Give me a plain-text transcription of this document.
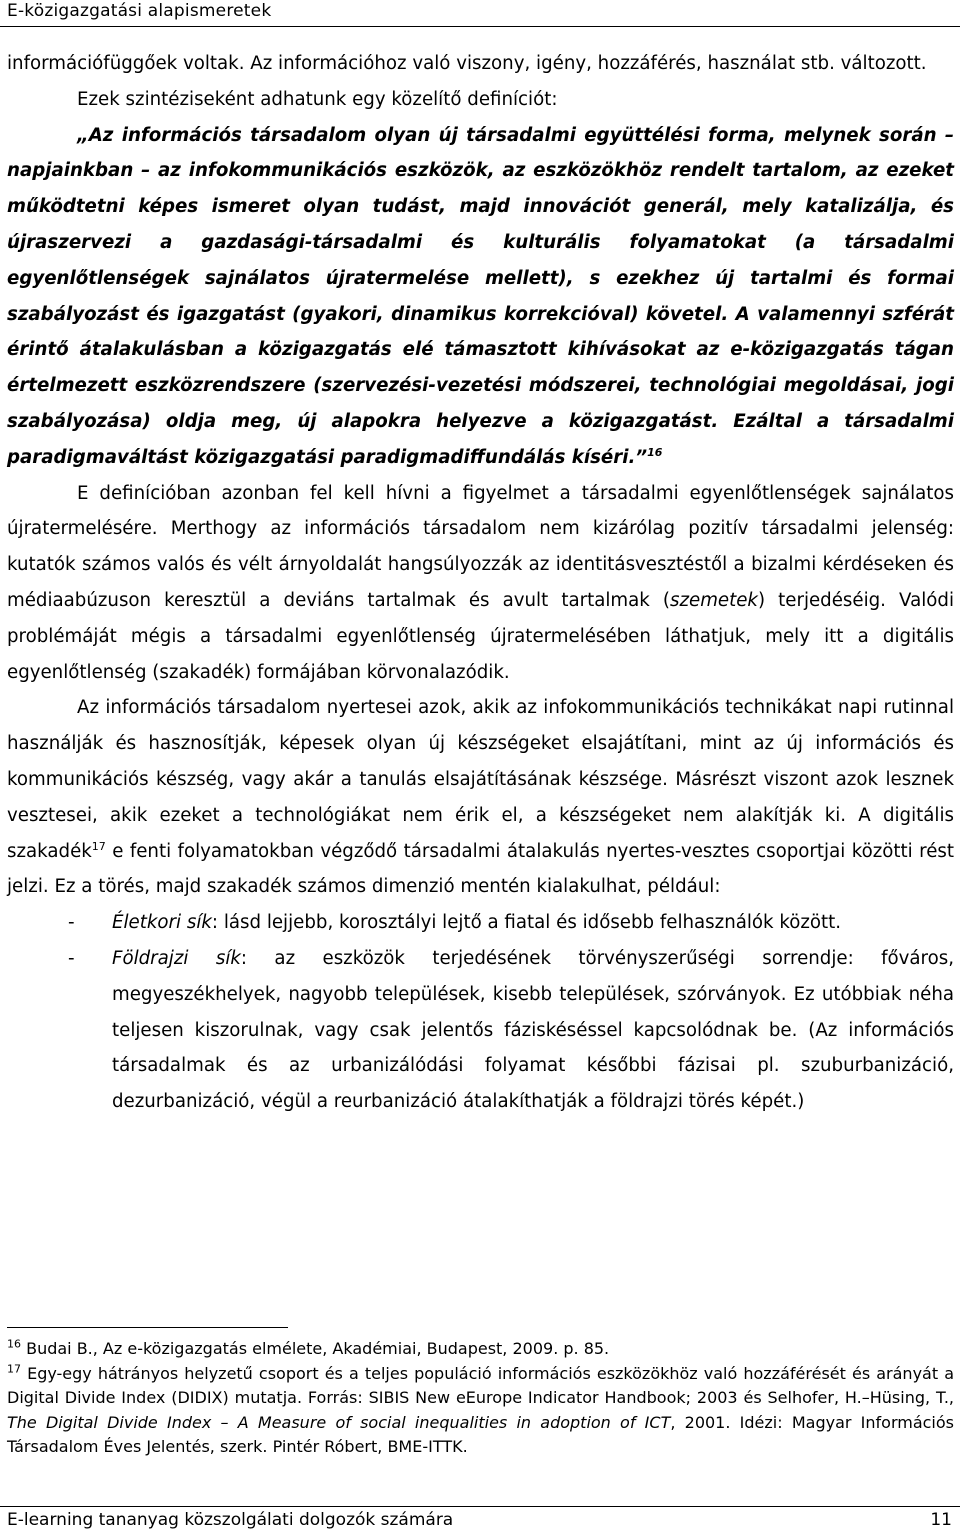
E-közigazgatási alapismeretek

információfüggőek voltak. Az információhoz való viszony, igény, hozzáférés, használat stb. változott.

Ezek szintéziseként adhatunk egy közelítő definíciót:

„Az információs társadalom olyan új társadalmi együttélési forma, melynek során – napjainkban – az infokommunikációs eszközök, az eszközökhöz rendelt tartalom, az ezeket működtetni képes ismeret olyan tudást, majd innovációt generál, mely katalizálja, és újraszervezi a gazdasági-társadalmi és kulturális folyamatokat (a társadalmi egyenlőtlenségek sajnálatos újratermelése mellett), s ezekhez új tartalmi és formai szabályozást és igazgatást (gyakori, dinamikus korrekcióval) követel. A valamennyi szférát érintő átalakulásban a közigazgatás elé támasztott kihívásokat az e-közigazgatás tágan értelmezett eszközrendszere (szervezési-vezetési módszerei, technológiai megoldásai, jogi szabályozása) oldja meg, új alapokra helyezve a közigazgatást. Ezáltal a társadalmi paradigmaváltást közigazgatási paradigmadiffundálás kíséri.”$^{16}$

E definícióban azonban fel kell hívni a figyelmet a társadalmi egyenlőtlenségek sajnálatos újratermelésére. Merthogy az információs társadalom nem kizárólag pozitív társadalmi jelenség: kutatók számos valós és vélt árnyoldalát hangsúlyozzák az identitásvesztéstől a bizalmi kérdéseken és médiaabúzuson keresztül a deviáns tartalmak és avult tartalmak (szemetek) terjedéséig. Valódi problémáját mégis a társadalmi egyenlőtlenség újratermelésében láthatjuk, mely itt a digitális egyenlőtlenség (szakadék) formájában körvonalazódik.

Az információs társadalom nyertesei azok, akik az infokommunikációs technikákat napi rutinnal használják és hasznosítják, képesek olyan új készségeket elsajátítani, mint az új információs és kommunikációs készség, vagy akár a tanulás elsajátításának készsége. Másrészt viszont azok lesznek vesztesei, akik ezeket a technológiákat nem érik el, a készségeket nem alakítják ki. A digitális szakadék$^{17}$ e fenti folyamatokban végződő társadalmi átalakulás nyertes-vesztes csoportjai közötti rést jelzi. Ez a törés, majd szakadék számos dimenzió mentén kialakulhat, például:

- Életkori sík: lásd lejjebb, korosztályi lejtő a fiatal és idősebb felhasználók között.
- Földrajzi sík: az eszközök terjedésének törvényszerűségi sorrendje: főváros, megyeszékhelyek, nagyobb települések, kisebb települések, szórványok. Ez utóbbiak néha teljesen kiszorulnak, vagy csak jelentős fáziskéséssel kapcsolódnak be. (Az információs társadalmak és az urbanizálódási folyamat későbbi fázisai pl. szuburbanizáció, dezurbanizáció, végül a reurbanizáció átalakíthatják a földrajzi törés képét.)

$^{16}$ Budai B., Az e-közigazgatás elmélete, Akadémiai, Budapest, 2009. p. 85.

$^{17}$ Egy-egy hátrányos helyzetű csoport és a teljes populáció információs eszközökhöz való hozzáférését és arányát a Digital Divide Index (DIDIX) mutatja. Forrás: SIBIS New eEurope Indicator Handbook; 2003 és Selhofer, H.–Hüsing, T., The Digital Divide Index – A Measure of social inequalities in adoption of ICT, 2001. Idézi: Magyar Információs Társadalom Éves Jelentés, szerk. Pintér Róbert, BME-ITTK.

E-learning tananyag közszolgálati dolgozók számára	11
